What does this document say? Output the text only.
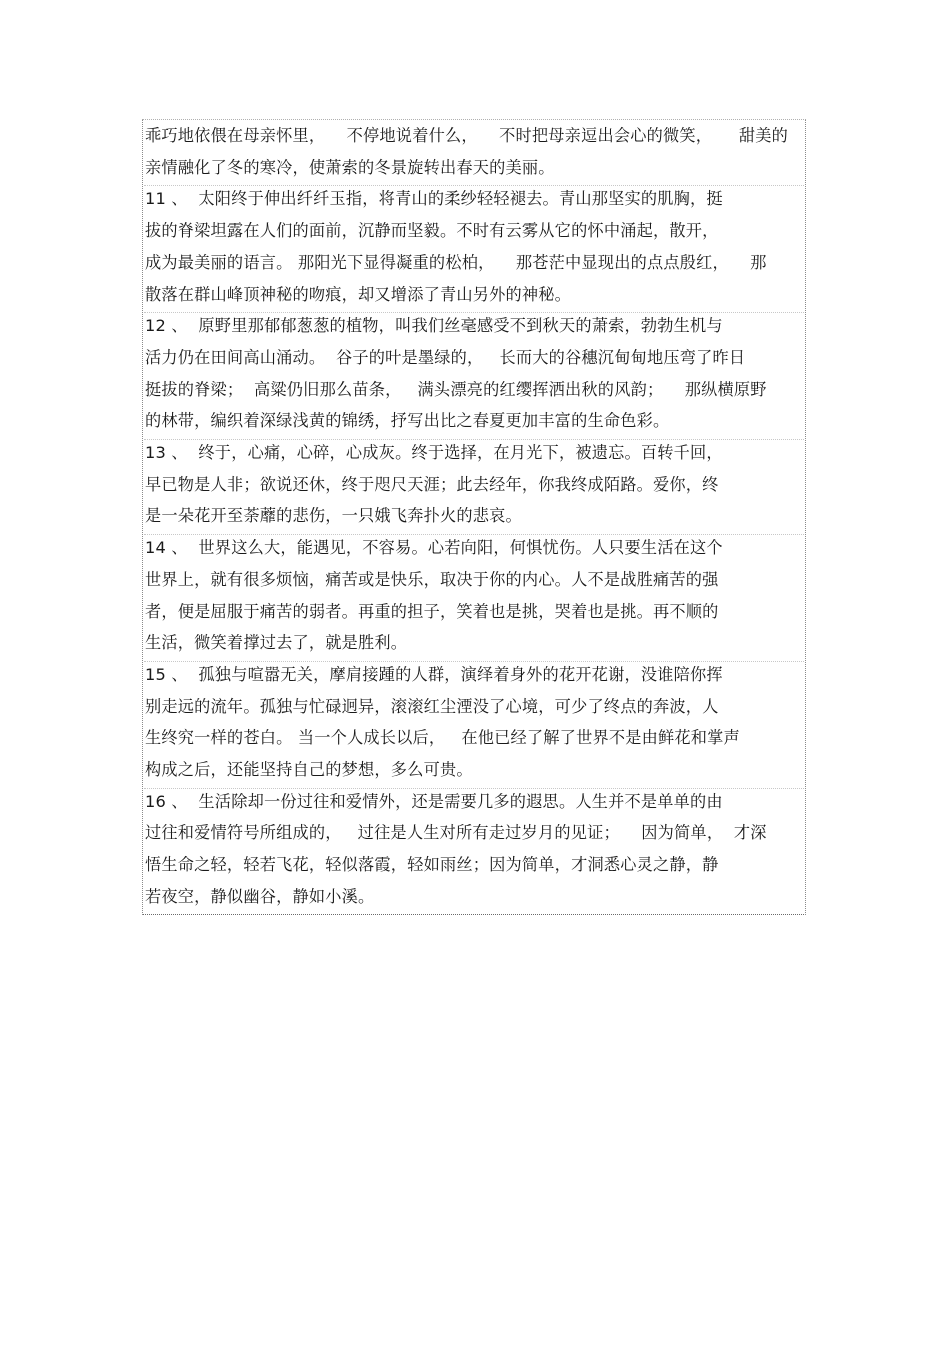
乖巧地依偎在母亲怀里，    不停地说着什么，    不时把母亲逗出会心的微笑，     甜美的
亲情融化了冬的寒冷，使萧索的冬景旋转出春天的美丽。
11 、  太阳终于伸出纤纤玉指，将青山的柔纱轻轻褪去。青山那坚实的肌胸，挺
拔的脊梁坦露在人们的面前，沉静而坚毅。不时有云雾从它的怀中涌起，散开，
成为最美丽的语言。 那阳光下显得凝重的松柏，    那苍茫中显现出的点点殷红，    那
散落在群山峰顶神秘的吻痕，却又增添了青山另外的神秘。
12 、  原野里那郁郁葱葱的植物，叫我们丝毫感受不到秋天的萧索，勃勃生机与
活力仍在田间高山涌动。  谷子的叶是墨绿的，   长而大的谷穗沉甸甸地压弯了昨日
挺拔的脊梁；  高粱仍旧那么苗条，   满头漂亮的红缨挥洒出秋的风韵；    那纵横原野
的林带，编织着深绿浅黄的锦绣，抒写出比之春夏更加丰富的生命色彩。
13 、  终于，心痛，心碎，心成灰。终于选择，在月光下，被遗忘。百转千回，
早已物是人非；欲说还休，终于咫尺天涯；此去经年，你我终成陌路。爱你，终
是一朵花开至荼蘼的悲伤，一只娥飞奔扑火的悲哀。
14 、  世界这么大，能遇见，不容易。心若向阳，何惧忧伤。人只要生活在这个
世界上，就有很多烦恼，痛苦或是快乐，取决于你的内心。人不是战胜痛苦的强
者，便是屈服于痛苦的弱者。再重的担子，笑着也是挑，哭着也是挑。再不顺的
生活，微笑着撑过去了，就是胜利。
15 、  孤独与喧嚣无关，摩肩接踵的人群，演绎着身外的花开花谢，没谁陪你挥
别走远的流年。孤独与忙碌迥异，滚滚红尘湮没了心境，可少了终点的奔波，人
生终究一样的苍白。 当一个人成长以后，   在他已经了解了世界不是由鲜花和掌声
构成之后，还能坚持自己的梦想，多么可贵。
16 、  生活除却一份过往和爱情外，还是需要几多的遐思。人生并不是单单的由
过往和爱情符号所组成的，   过往是人生对所有走过岁月的见证；    因为简单，  才深
悟生命之轻，轻若飞花，轻似落霞，轻如雨丝；因为简单，才洞悉心灵之静，静
若夜空，静似幽谷，静如小溪。
